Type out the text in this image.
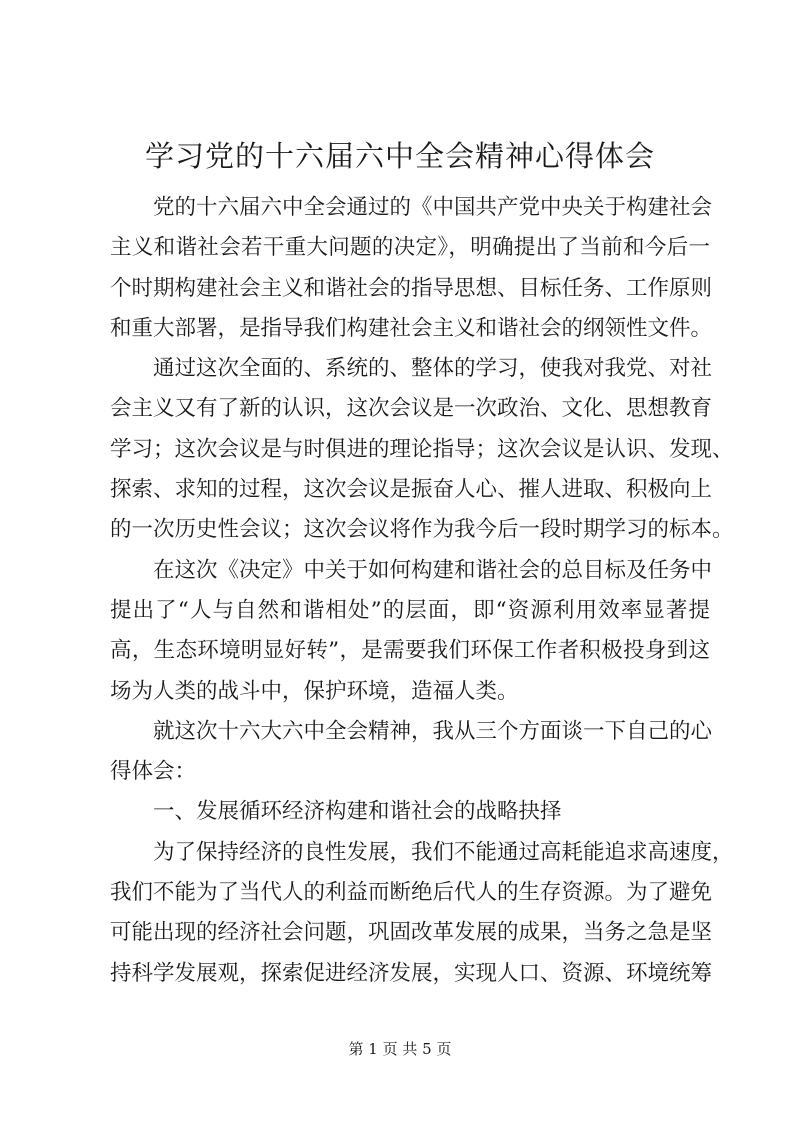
学习党的十六届六中全会精神心得体会

党的十六届六中全会通过的《中国共产党中央关于构建社会

主义和谐社会若干重大问题的决定》，明确提出了当前和今后一

个时期构建社会主义和谐社会的指导思想、目标任务、工作原则

和重大部署，是指导我们构建社会主义和谐社会的纲领性文件。

通过这次全面的、系统的、整体的学习，使我对我党、对社

会主义又有了新的认识，这次会议是一次政治、文化、思想教育

学习；这次会议是与时俱进的理论指导；这次会议是认识、发现、

探索、求知的过程，这次会议是振奋人心、摧人进取、积极向上

的一次历史性会议；这次会议将作为我今后一段时期学习的标本。

在这次《决定》中关于如何构建和谐社会的总目标及任务中

提出了“人与自然和谐相处”的层面，即“资源利用效率显著提

高，生态环境明显好转”，是需要我们环保工作者积极投身到这

场为人类的战斗中，保护环境，造福人类。

就这次十六大六中全会精神，我从三个方面谈一下自己的心

得体会：

一、发展循环经济构建和谐社会的战略抉择

为了保持经济的良性发展，我们不能通过高耗能追求高速度，

我们不能为了当代人的利益而断绝后代人的生存资源。为了避免

可能出现的经济社会问题，巩固改革发展的成果，当务之急是坚

持科学发展观，探索促进经济发展，实现人口、资源、环境统筹

第 1 页 共 5 页
